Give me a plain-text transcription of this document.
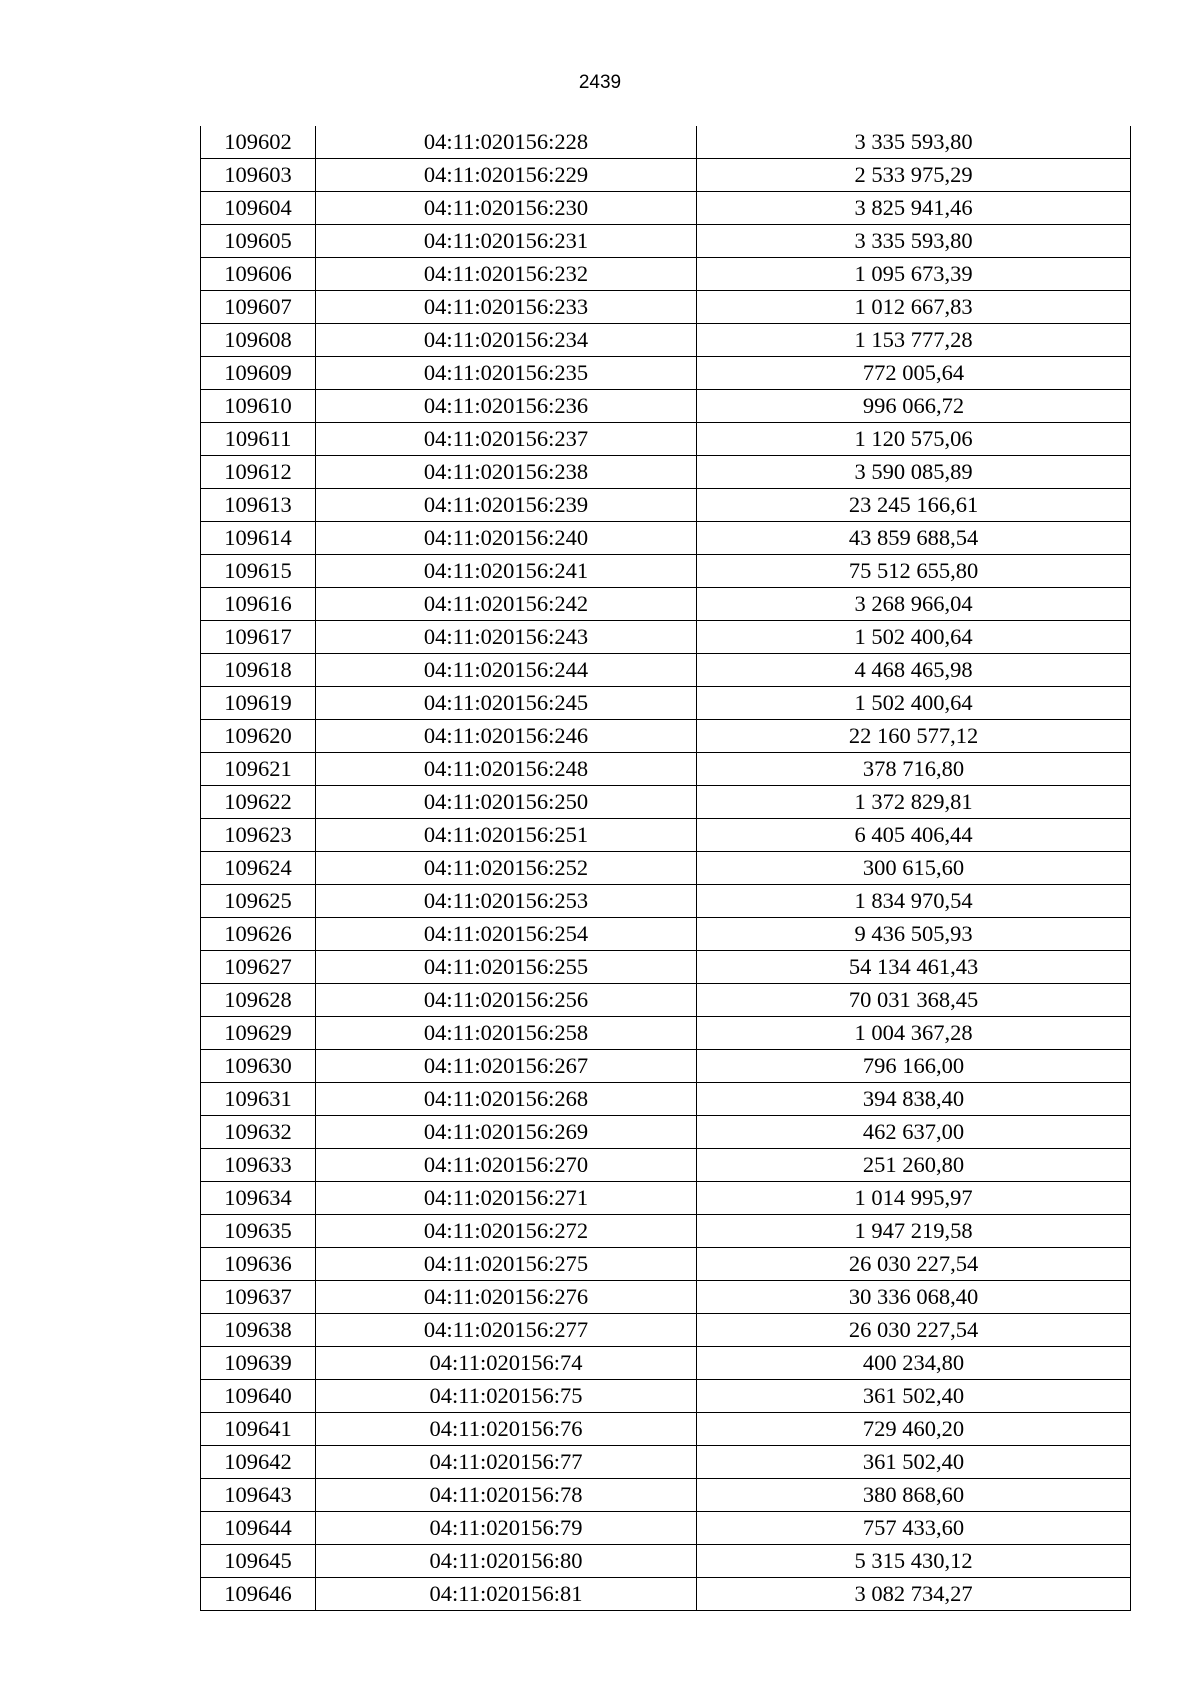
2439
109602	04:11:020156:228	3 335 593,80
109603	04:11:020156:229	2 533 975,29
109604	04:11:020156:230	3 825 941,46
109605	04:11:020156:231	3 335 593,80
109606	04:11:020156:232	1 095 673,39
109607	04:11:020156:233	1 012 667,83
109608	04:11:020156:234	1 153 777,28
109609	04:11:020156:235	772 005,64
109610	04:11:020156:236	996 066,72
109611	04:11:020156:237	1 120 575,06
109612	04:11:020156:238	3 590 085,89
109613	04:11:020156:239	23 245 166,61
109614	04:11:020156:240	43 859 688,54
109615	04:11:020156:241	75 512 655,80
109616	04:11:020156:242	3 268 966,04
109617	04:11:020156:243	1 502 400,64
109618	04:11:020156:244	4 468 465,98
109619	04:11:020156:245	1 502 400,64
109620	04:11:020156:246	22 160 577,12
109621	04:11:020156:248	378 716,80
109622	04:11:020156:250	1 372 829,81
109623	04:11:020156:251	6 405 406,44
109624	04:11:020156:252	300 615,60
109625	04:11:020156:253	1 834 970,54
109626	04:11:020156:254	9 436 505,93
109627	04:11:020156:255	54 134 461,43
109628	04:11:020156:256	70 031 368,45
109629	04:11:020156:258	1 004 367,28
109630	04:11:020156:267	796 166,00
109631	04:11:020156:268	394 838,40
109632	04:11:020156:269	462 637,00
109633	04:11:020156:270	251 260,80
109634	04:11:020156:271	1 014 995,97
109635	04:11:020156:272	1 947 219,58
109636	04:11:020156:275	26 030 227,54
109637	04:11:020156:276	30 336 068,40
109638	04:11:020156:277	26 030 227,54
109639	04:11:020156:74	400 234,80
109640	04:11:020156:75	361 502,40
109641	04:11:020156:76	729 460,20
109642	04:11:020156:77	361 502,40
109643	04:11:020156:78	380 868,60
109644	04:11:020156:79	757 433,60
109645	04:11:020156:80	5 315 430,12
109646	04:11:020156:81	3 082 734,27
